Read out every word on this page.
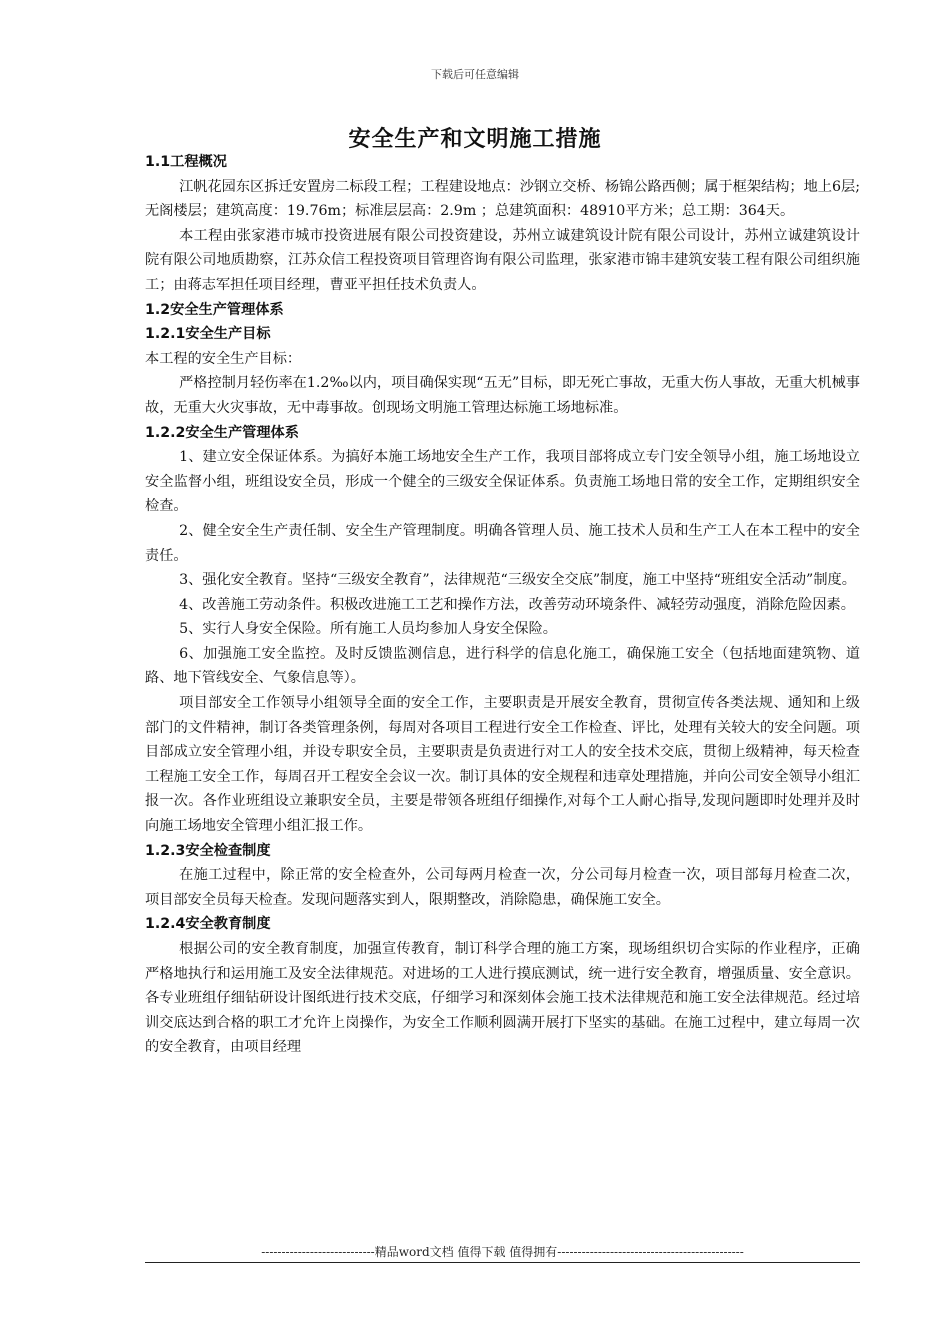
下载后可任意编辑
安全生产和文明施工措施

1.1工程概况

江帆花园东区拆迁安置房二标段工程；工程建设地点：沙钢立交桥、杨锦公路西侧；属于框架结构；地上6层;无阁楼层；建筑高度：19.76m；标准层层高：2.9m ；总建筑面积：48910平方米；总工期：364天。

本工程由张家港市城市投资进展有限公司投资建设，苏州立诚建筑设计院有限公司设计，苏州立诚建筑设计院有限公司地质勘察，江苏众信工程投资项目管理咨询有限公司监理，张家港市锦丰建筑安装工程有限公司组织施工；由蒋志军担任项目经理，曹亚平担任技术负责人。

1.2安全生产管理体系

1.2.1安全生产目标

本工程的安全生产目标：

严格控制月轻伤率在1.2‰以内，项目确保实现“五无”目标，即无死亡事故，无重大伤人事故，无重大机械事故，无重大火灾事故，无中毒事故。创现场文明施工管理达标施工场地标准。

1.2.2安全生产管理体系

1、建立安全保证体系。为搞好本施工场地安全生产工作，我项目部将成立专门安全领导小组，施工场地设立安全监督小组，班组设安全员，形成一个健全的三级安全保证体系。负责施工场地日常的安全工作，定期组织安全检查。

2、健全安全生产责任制、安全生产管理制度。明确各管理人员、施工技术人员和生产工人在本工程中的安全责任。

3、强化安全教育。坚持“三级安全教育”，法律规范“三级安全交底”制度，施工中坚持“班组安全活动”制度。

4、改善施工劳动条件。积极改进施工工艺和操作方法，改善劳动环境条件、减轻劳动强度，消除危险因素。

5、实行人身安全保险。所有施工人员均参加人身安全保险。

6、加强施工安全监控。及时反馈监测信息，进行科学的信息化施工，确保施工安全（包括地面建筑物、道路、地下管线安全、气象信息等）。

项目部安全工作领导小组领导全面的安全工作，主要职责是开展安全教育，贯彻宣传各类法规、通知和上级部门的文件精神，制订各类管理条例，每周对各项目工程进行安全工作检查、评比，处理有关较大的安全问题。项目部成立安全管理小组，并设专职安全员，主要职责是负责进行对工人的安全技术交底，贯彻上级精神，每天检查工程施工安全工作，每周召开工程安全会议一次。制订具体的安全规程和违章处理措施，并向公司安全领导小组汇报一次。各作业班组设立兼职安全员，主要是带领各班组仔细操作,对每个工人耐心指导,发现问题即时处理并及时向施工场地安全管理小组汇报工作。

1.2.3安全检查制度

在施工过程中，除正常的安全检查外，公司每两月检查一次，分公司每月检查一次，项目部每月检查二次，项目部安全员每天检查。发现问题落实到人，限期整改，消除隐患，确保施工安全。

1.2.4安全教育制度

根据公司的安全教育制度，加强宣传教育，制订科学合理的施工方案，现场组织切合实际的作业程序，正确严格地执行和运用施工及安全法律规范。对进场的工人进行摸底测试，统一进行安全教育，增强质量、安全意识。各专业班组仔细钻研设计图纸进行技术交底，仔细学习和深刻体会施工技术法律规范和施工安全法律规范。经过培训交底达到合格的职工才允许上岗操作，为安全工作顺利圆满开展打下坚实的基础。在施工过程中，建立每周一次的安全教育，由项目经理

----------------------------精品word文档 值得下载 值得拥有----------------------------------------------
